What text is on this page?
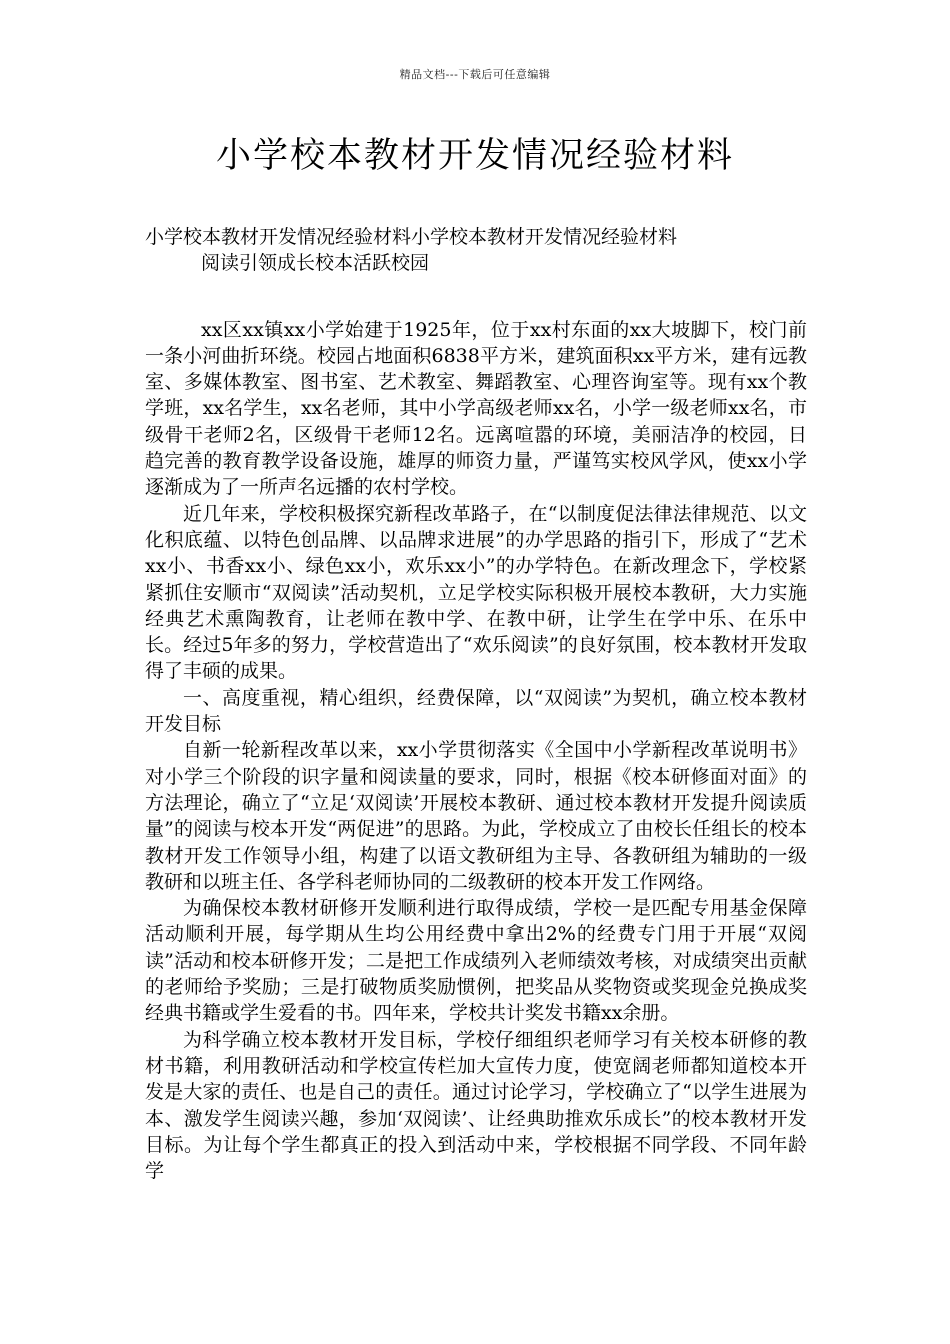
精品文档---下载后可任意编辑
小学校本教材开发情况经验材料

小学校本教材开发情况经验材料小学校本教材开发情况经验材料

阅读引领成长校本活跃校园

xx区xx镇xx小学始建于1925年，位于xx村东面的xx大坡脚下，校门前一条小河曲折环绕。校园占地面积6838平方米，建筑面积xx平方米，建有远教室、多媒体教室、图书室、艺术教室、舞蹈教室、心理咨询室等。现有xx个教学班，xx名学生，xx名老师，其中小学高级老师xx名，小学一级老师xx名，市级骨干老师2名，区级骨干老师12名。远离喧嚣的环境，美丽洁净的校园，日趋完善的教育教学设备设施，雄厚的师资力量，严谨笃实校风学风，使xx小学逐渐成为了一所声名远播的农村学校。

近几年来，学校积极探究新程改革路子，在“以制度促法律法律规范、以文化积底蕴、以特色创品牌、以品牌求进展”的办学思路的指引下，形成了“艺术xx小、书香xx小、绿色xx小，欢乐xx小”的办学特色。在新改理念下，学校紧紧抓住安顺市“双阅读”活动契机，立足学校实际积极开展校本教研，大力实施经典艺术熏陶教育，让老师在教中学、在教中研，让学生在学中乐、在乐中长。经过5年多的努力，学校营造出了“欢乐阅读”的良好氛围，校本教材开发取得了丰硕的成果。

一、高度重视，精心组织，经费保障，以“双阅读”为契机，确立校本教材开发目标

自新一轮新程改革以来，xx小学贯彻落实《全国中小学新程改革说明书》对小学三个阶段的识字量和阅读量的要求，同时，根据《校本研修面对面》的方法理论，确立了“立足‘双阅读’开展校本教研、通过校本教材开发提升阅读质量”的阅读与校本开发“两促进”的思路。为此，学校成立了由校长任组长的校本教材开发工作领导小组，构建了以语文教研组为主导、各教研组为辅助的一级教研和以班主任、各学科老师协同的二级教研的校本开发工作网络。

为确保校本教材研修开发顺利进行取得成绩，学校一是匹配专用基金保障活动顺利开展，每学期从生均公用经费中拿出2%的经费专门用于开展“双阅读”活动和校本研修开发；二是把工作成绩列入老师绩效考核，对成绩突出贡献的老师给予奖励；三是打破物质奖励惯例，把奖品从奖物资或奖现金兑换成奖经典书籍或学生爱看的书。四年来，学校共计奖发书籍xx余册。

为科学确立校本教材开发目标，学校仔细组织老师学习有关校本研修的教材书籍，利用教研活动和学校宣传栏加大宣传力度，使宽阔老师都知道校本开发是大家的责任、也是自己的责任。通过讨论学习，学校确立了“以学生进展为本、激发学生阅读兴趣，参加‘双阅读’、让经典助推欢乐成长”的校本教材开发目标。为让每个学生都真正的投入到活动中来，学校根据不同学段、不同年龄学
